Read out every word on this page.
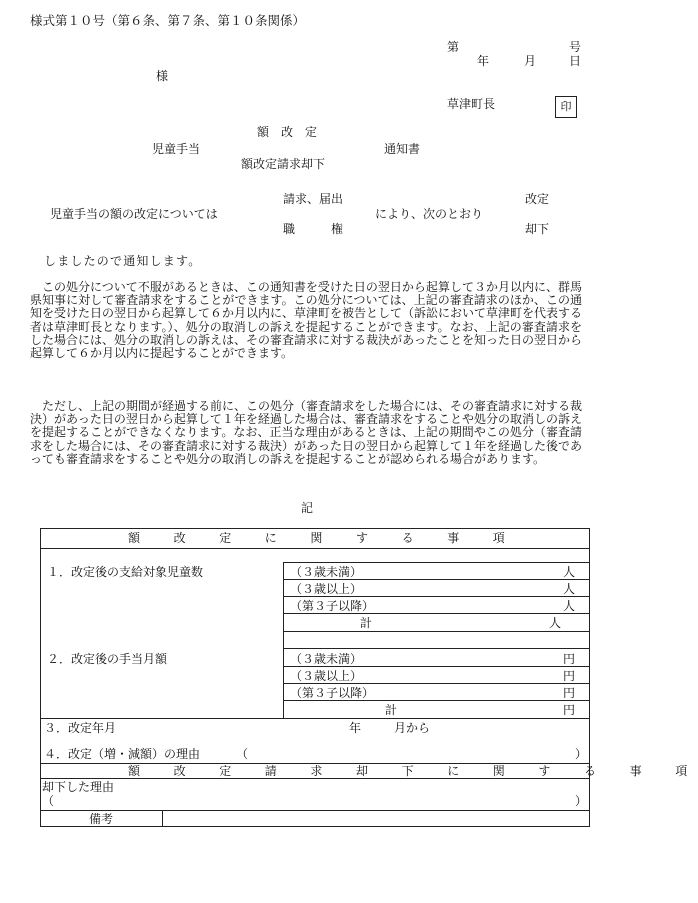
様式第１０号（第６条、第７条、第１０条関係）
第	号
年	月	日
様
草津町長	印
額　改　定
児童手当	通知書
額改定請求却下
請求、届出	改定
児童手当の額の改定については	により、次のとおり
職　　　権	却下
しましたので通知します。
　この処分について不服があるときは、この通知書を受けた日の翌日から起算して３か月以内に、群馬県知事に対して審査請求をすることができます。この処分については、上記の審査請求のほか、この通知を受けた日の翌日から起算して６か月以内に、草津町を被告として（訴訟において草津町を代表する者は草津町長となります。）、処分の取消しの訴えを提起することができます。なお、上記の審査請求をした場合には、処分の取消しの訴えは、その審査請求に対する裁決があったことを知った日の翌日から起算して６か月以内に提起することができます。
　ただし、上記の期間が経過する前に、この処分（審査請求をした場合には、その審査請求に対する裁決）があった日の翌日から起算して１年を経過した場合は、審査請求をすることや処分の取消しの訴えを提起することができなくなります。なお、正当な理由があるときは、上記の期間やこの処分（審査請求をした場合には、その審査請求に対する裁決）があった日の翌日から起算して１年を経過した後であっても審査請求をすることや処分の取消しの訴えを提起することが認められる場合があります。
記
額　改　定　に　関　す　る　事　項
１．改定後の支給対象児童数	（３歳未満）	人
（３歳以上）	人
（第３子以降）	人
計	人
２．改定後の手当月額	（３歳未満）	円
（３歳以上）	円
（第３子以降）	円
計	円
３．改定年月	年	月から
４．改定（増・減額）の理由	（	）
額　改　定　請　求　却　下　に　関　す　る　事　項
却下した理由
（	）
備考
